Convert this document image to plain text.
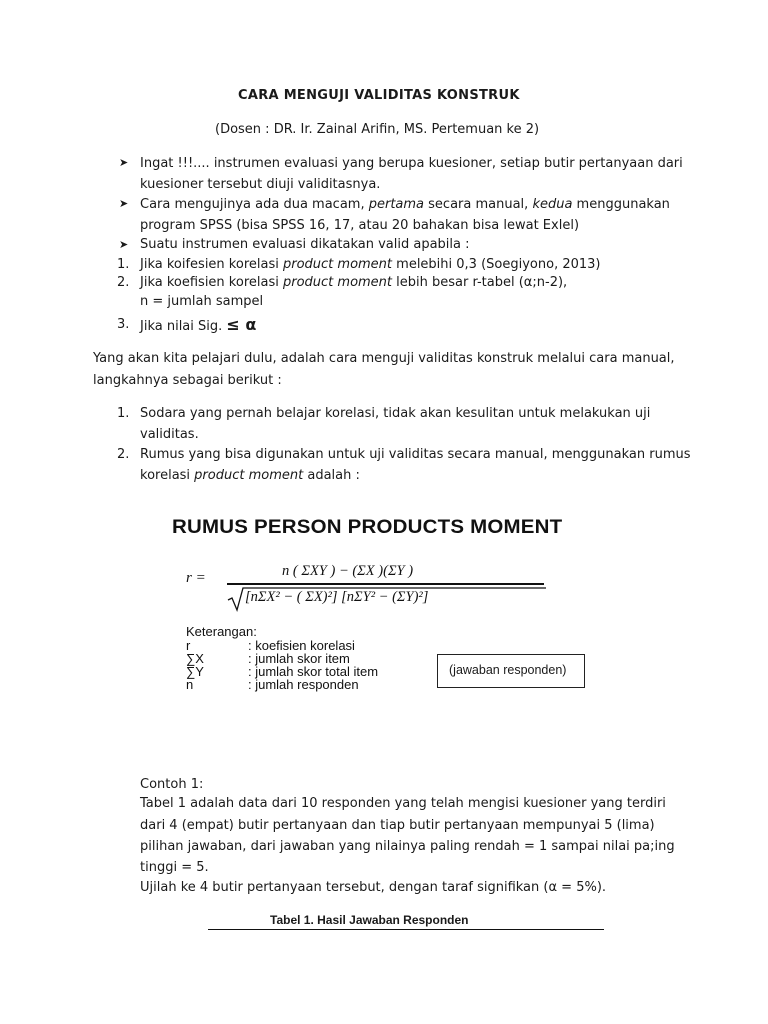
CARA MENGUJI VALIDITAS KONSTRUK
(Dosen : DR. Ir. Zainal Arifin, MS. Pertemuan ke 2)
➤ Ingat !!!.... instrumen evaluasi yang berupa kuesioner, setiap butir pertanyaan dari
kuesioner tersebut diuji validitasnya.
➤ Cara mengujinya ada dua macam, pertama secara manual, kedua menggunakan
program SPSS (bisa SPSS 16, 17, atau 20 bahakan bisa lewat Exlel)
➤ Suatu instrumen evaluasi dikatakan valid apabila :
1. Jika koifesien korelasi product moment melebihi 0,3 (Soegiyono, 2013)
2. Jika koefisien korelasi product moment lebih besar r-tabel (α;n-2),
n = jumlah sampel
3. Jika nilai Sig. ≤ α
Yang akan kita pelajari dulu, adalah cara menguji validitas konstruk melalui cara manual,
langkahnya sebagai berikut :
1. Sodara yang pernah belajar korelasi, tidak akan kesulitan untuk melakukan uji
validitas.
2. Rumus yang bisa digunakan untuk uji validitas secara manual, menggunakan rumus
korelasi product moment adalah :
RUMUS PERSON PRODUCTS MOMENT
r =	n ( ΣXY ) − (ΣX )(ΣY )
[nΣX² − ( ΣX)²] [nΣY² − (ΣY)²]
Keterangan:
r	: koefisien korelasi
∑X	: jumlah skor item
∑Y	: jumlah skor total item
n	: jumlah responden
(jawaban responden)
Contoh 1:
Tabel 1 adalah data dari 10 responden yang telah mengisi kuesioner yang terdiri
dari 4 (empat) butir pertanyaan dan tiap butir pertanyaan mempunyai 5 (lima)
pilihan jawaban, dari jawaban yang nilainya paling rendah = 1 sampai nilai pa;ing
tinggi = 5.
Ujilah ke 4 butir pertanyaan tersebut, dengan taraf signifikan (α = 5%).
Tabel 1. Hasil Jawaban Responden
